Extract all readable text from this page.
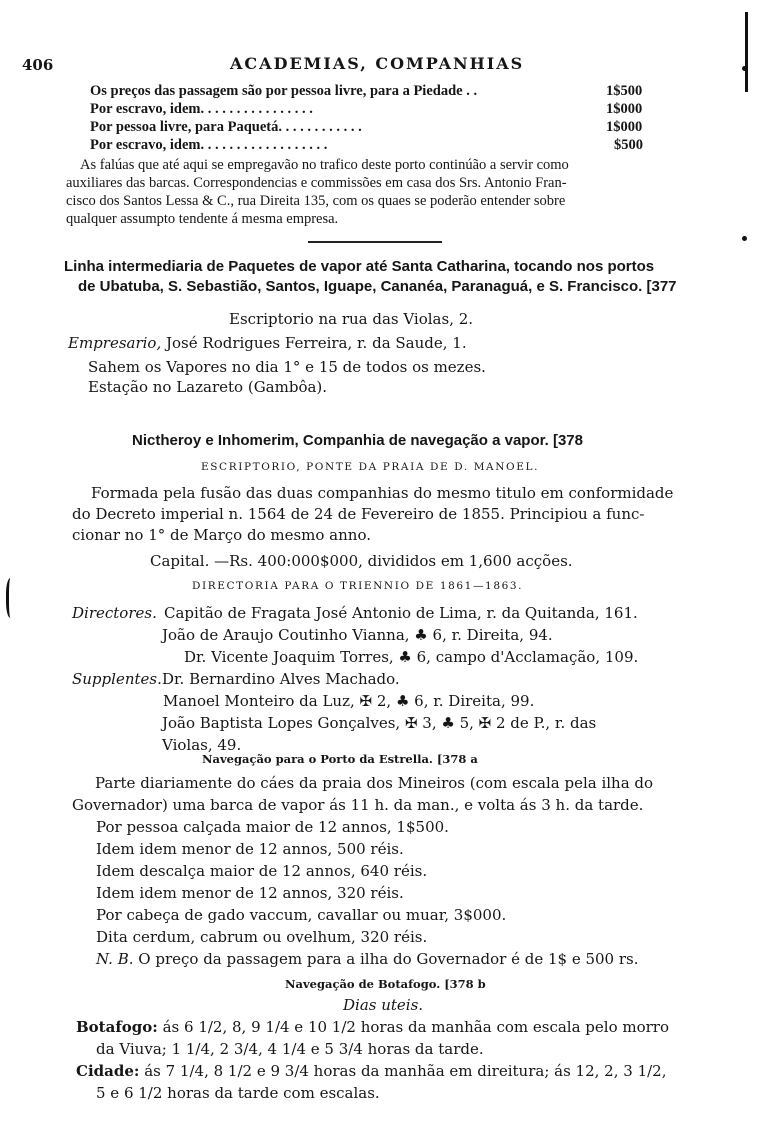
406	ACADEMIAS, COMPANHIAS
Os preços das passagem são por pessoa livre, para a Piedade . .	1$500
Por escravo, idem. . . . . . . . . . . . . . . .	1$000
Por pessoa livre, para Paquetá. . . . . . . . . . . .	1$000
Por escravo, idem. . . . . . . . . . . . . . . . . .	$500
As falúas que até aqui se empregavão no trafico deste porto continúão a servir como
auxiliares das barcas. Correspondencias e commissões em casa dos Srs. Antonio Fran-
cisco dos Santos Lessa & C., rua Direita 135, com os quaes se poderão entender sobre
qualquer assumpto tendente á mesma empresa.
Linha intermediaria de Paquetes de vapor até Santa Catharina, tocando nos portos
de Ubatuba, S. Sebastião, Santos, Iguape, Cananéa, Paranaguá, e S. Francisco. [377
Escriptorio na rua das Violas, 2.
Empresario, José Rodrigues Ferreira, r. da Saude, 1.
Sahem os Vapores no dia 1° e 15 de todos os mezes.
Estação no Lazareto (Gambôa).
Nictheroy e Inhomerim, Companhia de navegação a vapor. [378
ESCRIPTORIO, PONTE DA PRAIA DE D. MANOEL.
Formada pela fusão das duas companhias do mesmo titulo em conformidade
do Decreto imperial n. 1564 de 24 de Fevereiro de 1855. Principiou a func-
cionar no 1° de Março do mesmo anno.
Capital. —Rs. 400:000$000, divididos em 1,600 acções.
DIRECTORIA PARA O TRIENNIO DE 1861—1863.
Directores. Capitão de Fragata José Antonio de Lima, r. da Quitanda, 161.
João de Araujo Coutinho Vianna, ♣ 6, r. Direita, 94.
Dr. Vicente Joaquim Torres, ♣ 6, campo d'Acclamação, 109.
Supplentes. Dr. Bernardino Alves Machado.
Manoel Monteiro da Luz, ✠ 2, ♣ 6, r. Direita, 99.
João Baptista Lopes Gonçalves, ✠ 3, ♣ 5, ✠ 2 de P., r. das
Violas, 49.
Navegação para o Porto da Estrella. [378 a
Parte diariamente do cáes da praia dos Mineiros (com escala pela ilha do
Governador) uma barca de vapor ás 11 h. da man., e volta ás 3 h. da tarde.
Por pessoa calçada maior de 12 annos, 1$500.
Idem idem menor de 12 annos, 500 réis.
Idem descalça maior de 12 annos, 640 réis.
Idem idem menor de 12 annos, 320 réis.
Por cabeça de gado vaccum, cavallar ou muar, 3$000.
Dita cerdum, cabrum ou ovelhum, 320 réis.
N. B. O preço da passagem para a ilha do Governador é de 1$ e 500 rs.
Navegação de Botafogo. [378 b
Dias uteis.
Botafogo: ás 6 1/2, 8, 9 1/4 e 10 1/2 horas da manhãa com escala pelo morro
da Viuva; 1 1/4, 2 3/4, 4 1/4 e 5 3/4 horas da tarde.
Cidade: ás 7 1/4, 8 1/2 e 9 3/4 horas da manhãa em direitura; ás 12, 2, 3 1/2,
5 e 6 1/2 horas da tarde com escalas.
